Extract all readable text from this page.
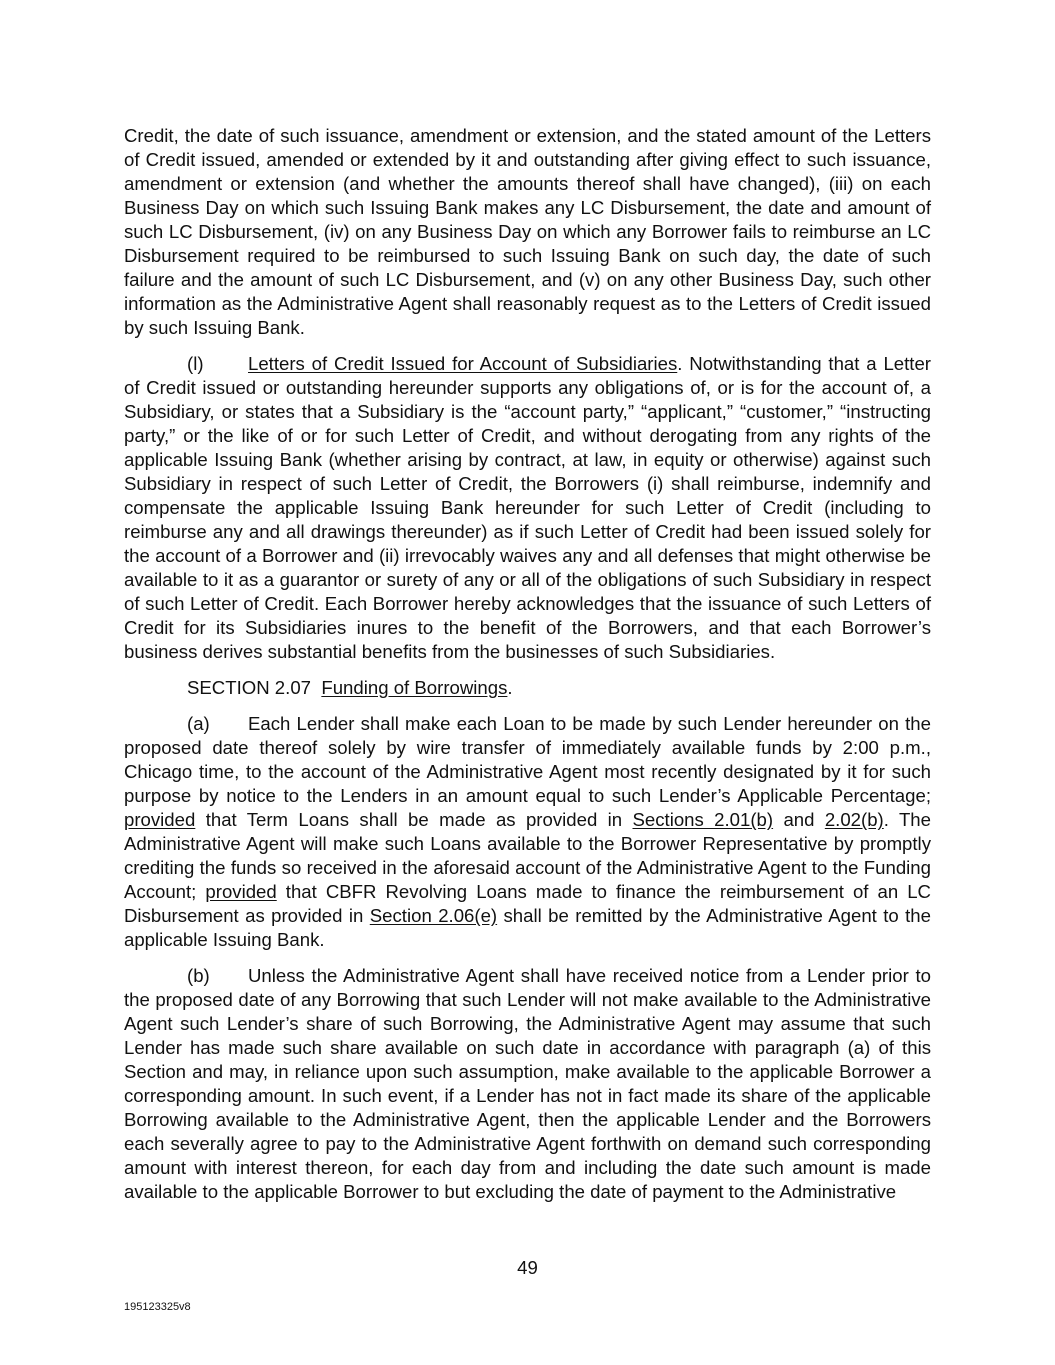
Credit, the date of such issuance, amendment or extension, and the stated amount of the Letters of Credit issued, amended or extended by it and outstanding after giving effect to such issuance, amendment or extension (and whether the amounts thereof shall have changed), (iii) on each Business Day on which such Issuing Bank makes any LC Disbursement, the date and amount of such LC Disbursement, (iv) on any Business Day on which any Borrower fails to reimburse an LC Disbursement required to be reimbursed to such Issuing Bank on such day, the date of such failure and the amount of such LC Disbursement, and (v) on any other Business Day, such other information as the Administrative Agent shall reasonably request as to the Letters of Credit issued by such Issuing Bank.

(l) Letters of Credit Issued for Account of Subsidiaries. Notwithstanding that a Letter of Credit issued or outstanding hereunder supports any obligations of, or is for the account of, a Subsidiary, or states that a Subsidiary is the “account party,” “applicant,” “customer,” “instructing party,” or the like of or for such Letter of Credit, and without derogating from any rights of the applicable Issuing Bank (whether arising by contract, at law, in equity or otherwise) against such Subsidiary in respect of such Letter of Credit, the Borrowers (i) shall reimburse, indemnify and compensate the applicable Issuing Bank hereunder for such Letter of Credit (including to reimburse any and all drawings thereunder) as if such Letter of Credit had been issued solely for the account of a Borrower and (ii) irrevocably waives any and all defenses that might otherwise be available to it as a guarantor or surety of any or all of the obligations of such Subsidiary in respect of such Letter of Credit. Each Borrower hereby acknowledges that the issuance of such Letters of Credit for its Subsidiaries inures to the benefit of the Borrowers, and that each Borrower’s business derives substantial benefits from the businesses of such Subsidiaries.

SECTION 2.07 Funding of Borrowings.

(a) Each Lender shall make each Loan to be made by such Lender hereunder on the proposed date thereof solely by wire transfer of immediately available funds by 2:00 p.m., Chicago time, to the account of the Administrative Agent most recently designated by it for such purpose by notice to the Lenders in an amount equal to such Lender’s Applicable Percentage; provided that Term Loans shall be made as provided in Sections 2.01(b) and 2.02(b). The Administrative Agent will make such Loans available to the Borrower Representative by promptly crediting the funds so received in the aforesaid account of the Administrative Agent to the Funding Account; provided that CBFR Revolving Loans made to finance the reimbursement of an LC Disbursement as provided in Section 2.06(e) shall be remitted by the Administrative Agent to the applicable Issuing Bank.

(b) Unless the Administrative Agent shall have received notice from a Lender prior to the proposed date of any Borrowing that such Lender will not make available to the Administrative Agent such Lender’s share of such Borrowing, the Administrative Agent may assume that such Lender has made such share available on such date in accordance with paragraph (a) of this Section and may, in reliance upon such assumption, make available to the applicable Borrower a corresponding amount. In such event, if a Lender has not in fact made its share of the applicable Borrowing available to the Administrative Agent, then the applicable Lender and the Borrowers each severally agree to pay to the Administrative Agent forthwith on demand such corresponding amount with interest thereon, for each day from and including the date such amount is made available to the applicable Borrower to but excluding the date of payment to the Administrative

49
195123325v8
